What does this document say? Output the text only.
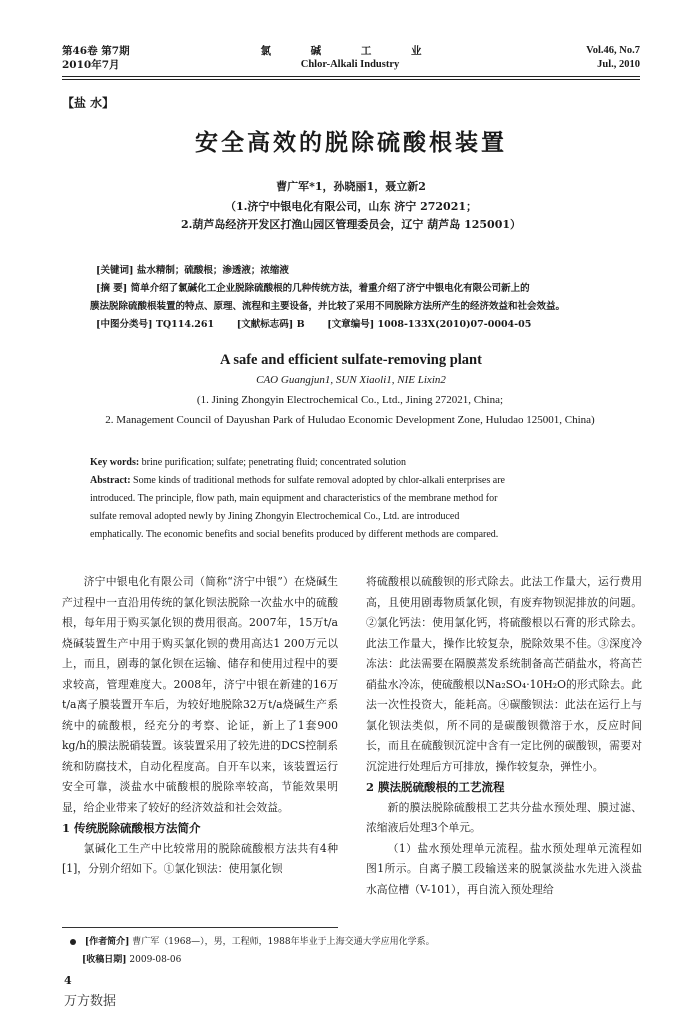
第46卷 第7期
2010年7月
氯 碱 工 业
Chlor-Alkali Industry
Vol.46, No.7
Jul., 2010
【盐 水】
安全高效的脱除硫酸根装置
曹广军*1，孙晓丽1，聂立新2
（1.济宁中银电化有限公司，山东 济宁 272021；
2.葫芦岛经济开发区打渔山园区管理委员会，辽宁 葫芦岛 125001）
[关键词] 盐水精制；硫酸根；渗透液；浓缩液
[摘 要] 简单介绍了氯碱化工企业脱除硫酸根的几种传统方法，着重介绍了济宁中银电化有限公司新上的
膜法脱除硫酸根装置的特点、原理、流程和主要设备，并比较了采用不同脱除方法所产生的经济效益和社会效益。
[中图分类号] TQ114.261 [文献标志码] B [文章编号] 1008-133X(2010)07-0004-05
A safe and efficient sulfate-removing plant
CAO Guangjun1, SUN Xiaoli1, NIE Lixin2
(1. Jining Zhongyin Electrochemical Co., Ltd., Jining 272021, China;
2. Management Council of Dayushan Park of Huludao Economic Development Zone, Huludao 125001, China)
Key words: brine purification; sulfate; penetrating fluid; concentrated solution
Abstract: Some kinds of traditional methods for sulfate removal adopted by chlor-alkali enterprises are
introduced. The principle, flow path, main equipment and characteristics of the membrane method for
sulfate removal adopted newly by Jining Zhongyin Electrochemical Co., Ltd. are introduced
emphatically. The economic benefits and social benefits produced by different methods are compared.

济宁中银电化有限公司（简称“济宁中银”）在烧碱生产过程中一直沿用传统的氯化钡法脱除一次盐水中的硫酸根，每年用于购买氯化钡的费用很高。2007年，15万t/a烧碱装置生产中用于购买氯化钡的费用高达1 200万元以上，而且，剧毒的氯化钡在运输、储存和使用过程中的要求较高，管理难度大。2008年，济宁中银在新建的16万t/a离子膜装置开车后，为较好地脱除32万t/a烧碱生产系统中的硫酸根，经充分的考察、论证，新上了1套900 kg/h的膜法脱硝装置。该装置采用了较先进的DCS控制系统和防腐技术，自动化程度高。自开车以来，该装置运行安全可靠，淡盐水中硫酸根的脱除率较高，节能效果明显，给企业带来了较好的经济效益和社会效益。

1 传统脱除硫酸根方法简介

氯碱化工生产中比较常用的脱除硫酸根方法共有4种[1]，分别介绍如下。①氯化钡法：使用氯化钡

将硫酸根以硫酸钡的形式除去。此法工作量大，运行费用高，且使用剧毒物质氯化钡，有废弃物钡泥排放的问题。②氯化钙法：使用氯化钙，将硫酸根以石膏的形式除去。此法工作量大，操作比较复杂，脱除效果不佳。③深度冷冻法：此法需要在隔膜蒸发系统制备高芒硝盐水，将高芒硝盐水冷冻，使硫酸根以Na₂SO₄·10H₂O的形式除去。此法一次性投资大，能耗高。④碳酸钡法：此法在运行上与氯化钡法类似，所不同的是碳酸钡微溶于水，反应时间长，而且在硫酸钡沉淀中含有一定比例的碳酸钡，需要对沉淀进行处理后方可排放，操作较复杂，弹性小。

2 膜法脱硫酸根的工艺流程

新的膜法脱除硫酸根工艺共分盐水预处理、膜过滤、浓缩液后处理3个单元。

（1）盐水预处理单元流程。盐水预处理单元流程如图1所示。自离子膜工段输送来的脱氯淡盐水先进入淡盐水高位槽（V-101），再自流入预处理给

[作者简介] 曹广军（1968—），男，工程师，1988年毕业于上海交通大学应用化学系。
[收稿日期] 2009-08-06
4
万方数据
